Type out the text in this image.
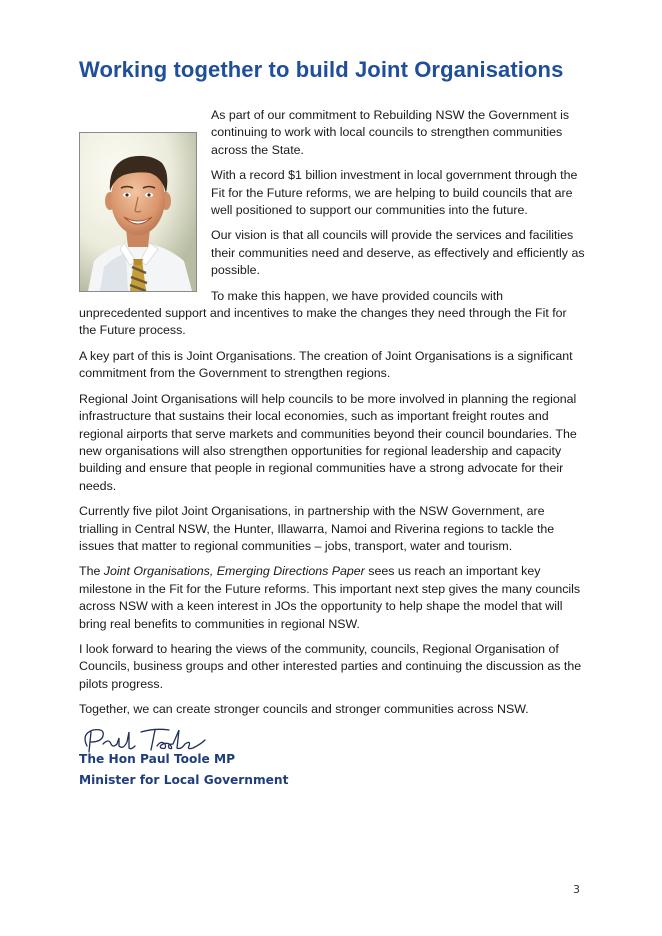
Working together to build Joint Organisations

As part of our commitment to Rebuilding NSW the Government is continuing to work with local councils to strengthen communities across the State.

With a record $1 billion investment in local government through the Fit for the Future reforms, we are helping to build councils that are well positioned to support our communities into the future.

Our vision is that all councils will provide the services and facilities their communities need and deserve, as effectively and efficiently as possible.

To make this happen, we have provided councils with unprecedented support and incentives to make the changes they need through the Fit for the Future process.

A key part of this is Joint Organisations. The creation of Joint Organisations is a significant commitment from the Government to strengthen regions.

Regional Joint Organisations will help councils to be more involved in planning the regional infrastructure that sustains their local economies, such as important freight routes and regional airports that serve markets and communities beyond their council boundaries. The new organisations will also strengthen opportunities for regional leadership and capacity building and ensure that people in regional communities have a strong advocate for their needs.

Currently five pilot Joint Organisations, in partnership with the NSW Government, are trialling in Central NSW, the Hunter, Illawarra, Namoi and Riverina regions to tackle the issues that matter to regional communities – jobs, transport, water and tourism.

The Joint Organisations, Emerging Directions Paper sees us reach an important key milestone in the Fit for the Future reforms. This important next step gives the many councils across NSW with a keen interest in JOs the opportunity to help shape the model that will bring real benefits to communities in regional NSW.

I look forward to hearing the views of the community, councils, Regional Organisation of Councils, business groups and other interested parties and continuing the discussion as the pilots progress.

Together, we can create stronger councils and stronger communities across NSW.

The Hon Paul Toole MP

Minister for Local Government

3
